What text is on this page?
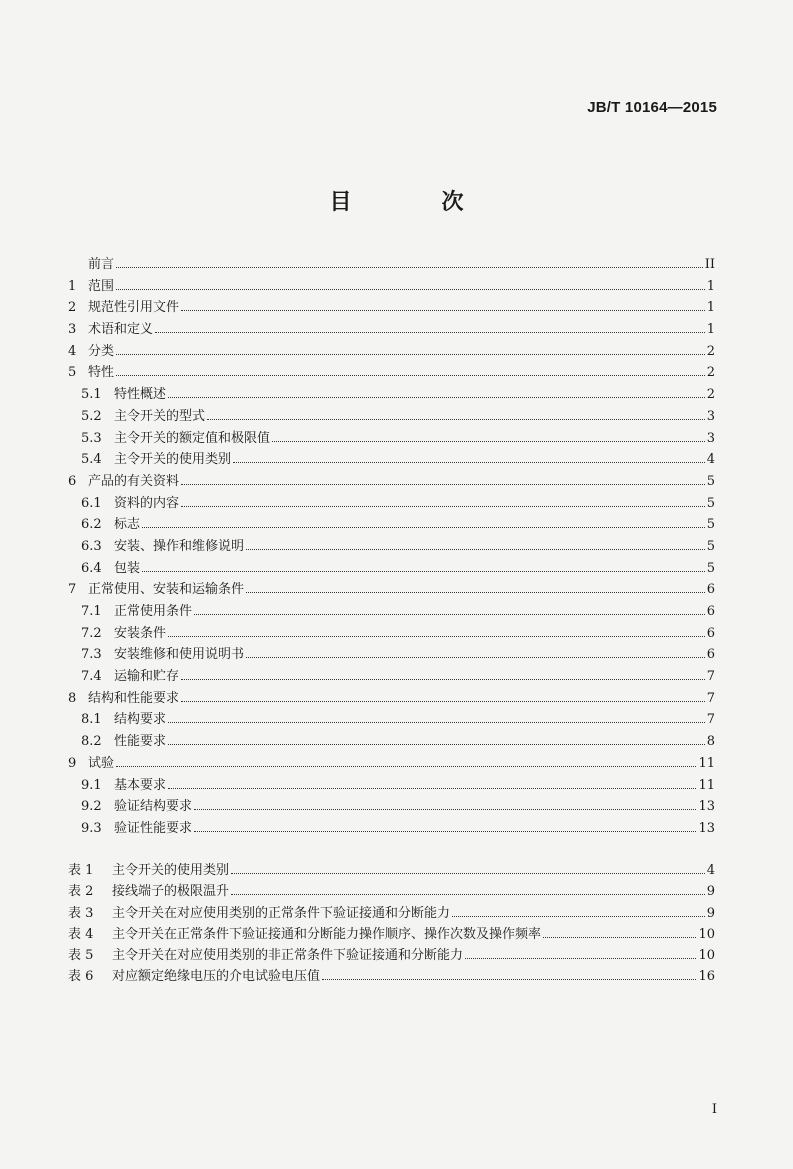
JB/T 10164—2015
目　次
前言	II
1 范围	1
2 规范性引用文件	1
3 术语和定义	1
4 分类	2
5 特性	2
5.1 特性概述	2
5.2 主令开关的型式	3
5.3 主令开关的额定值和极限值	3
5.4 主令开关的使用类别	4
6 产品的有关资料	5
6.1 资料的内容	5
6.2 标志	5
6.3 安装、操作和维修说明	5
6.4 包装	5
7 正常使用、安装和运输条件	6
7.1 正常使用条件	6
7.2 安装条件	6
7.3 安装维修和使用说明书	6
7.4 运输和贮存	7
8 结构和性能要求	7
8.1 结构要求	7
8.2 性能要求	8
9 试验	11
9.1 基本要求	11
9.2 验证结构要求	13
9.3 验证性能要求	13
表 1	主令开关的使用类别	4
表 2	接线端子的极限温升	9
表 3	主令开关在对应使用类别的正常条件下验证接通和分断能力	9
表 4	主令开关在正常条件下验证接通和分断能力操作顺序、操作次数及操作频率	10
表 5	主令开关在对应使用类别的非正常条件下验证接通和分断能力	10
表 6	对应额定绝缘电压的介电试验电压值	16
I
